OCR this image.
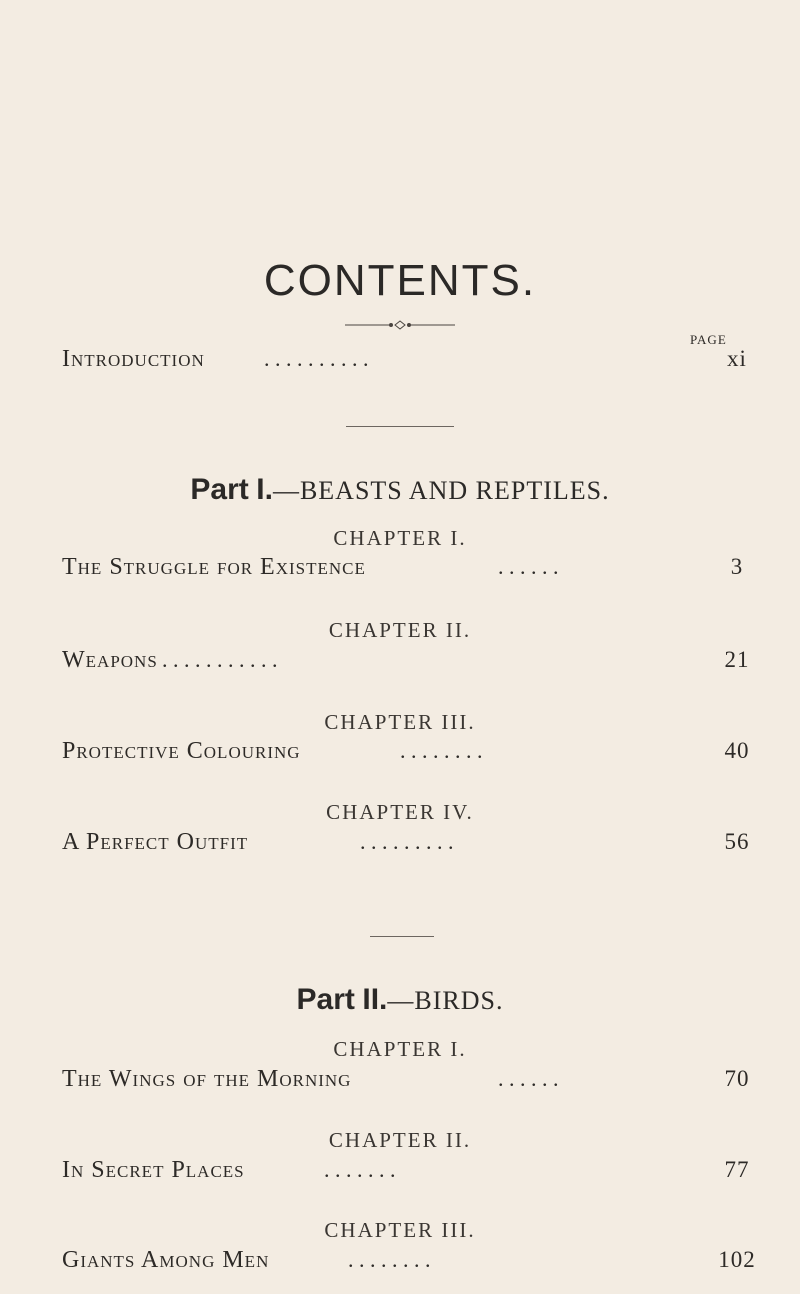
CONTENTS.
PAGE
Introduction	. . . . . . . . . .	xi
Part I.—BEASTS AND REPTILES.
CHAPTER I.
The Struggle for Existence	. . . . . .	3
CHAPTER II.
Weapons . . . . . . . . . . .	21
CHAPTER III.
Protective Colouring	. . . . . . . .	40
CHAPTER IV.
A Perfect Outfit	. . . . . . . . .	56
Part II.—BIRDS.
CHAPTER I.
The Wings of the Morning	. . . . . .	70
CHAPTER II.
In Secret Places	. . . . . . .	77
CHAPTER III.
Giants Among Men	. . . . . . . .	102
